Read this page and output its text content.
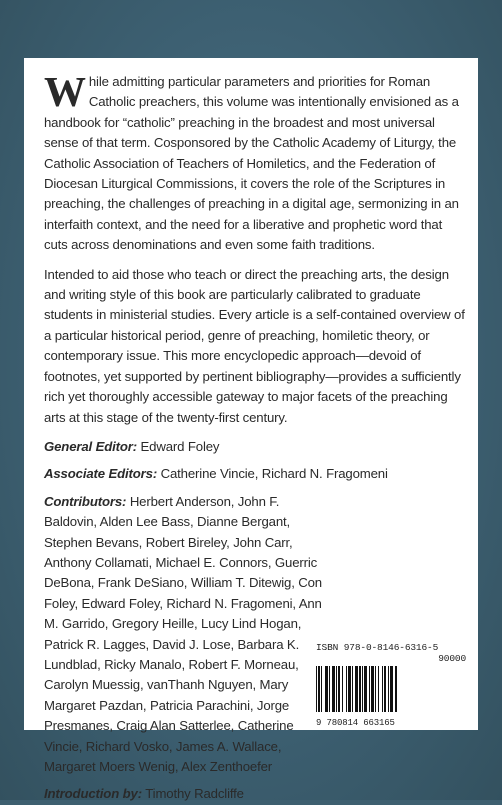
While admitting particular parameters and priorities for Roman Catholic preachers, this volume was intentionally envisioned as a handbook for “catholic” preaching in the broadest and most universal sense of that term. Cosponsored by the Catholic Academy of Liturgy, the Catholic Association of Teachers of Homiletics, and the Federation of Diocesan Liturgical Commissions, it covers the role of the Scriptures in preaching, the challenges of preaching in a digital age, sermonizing in an interfaith context, and the need for a liberative and prophetic word that cuts across denominations and even some faith traditions.

Intended to aid those who teach or direct the preaching arts, the design and writing style of this book are particularly calibrated to graduate students in ministerial studies. Every article is a self-contained overview of a particular historical period, genre of preaching, homiletic theory, or contemporary issue. This more encyclopedic approach—devoid of footnotes, yet supported by pertinent bibliography—provides a sufficiently rich yet thoroughly accessible gateway to major facets of the preaching arts at this stage of the twenty-first century.

General Editor: Edward Foley

Associate Editors: Catherine Vincie, Richard N. Fragomeni

Contributors: Herbert Anderson, John F. Baldovin, Alden Lee Bass, Dianne Bergant, Stephen Bevans, Robert Bireley, John Carr, Anthony Collamati, Michael E. Connors, Guerric DeBona, Frank DeSiano, William T. Ditewig, Con Foley, Edward Foley, Richard N. Fragomeni, Ann M. Garrido, Gregory Heille, Lucy Lind Hogan, Patrick R. Lagges, David J. Lose, Barbara K. Lundblad, Ricky Manalo, Robert F. Morneau, Carolyn Muessig, vanThanh Nguyen, Mary Margaret Pazdan, Patricia Parachini, Jorge Presmanes, Craig Alan Satterlee, Catherine Vincie, Richard Vosko, James A. Wallace, Margaret Moers Wenig, Alex Zenthoefer

Introduction by: Timothy Radcliffe

ISBN 978-0-8146-6316-5
90000
9 780814 663165
